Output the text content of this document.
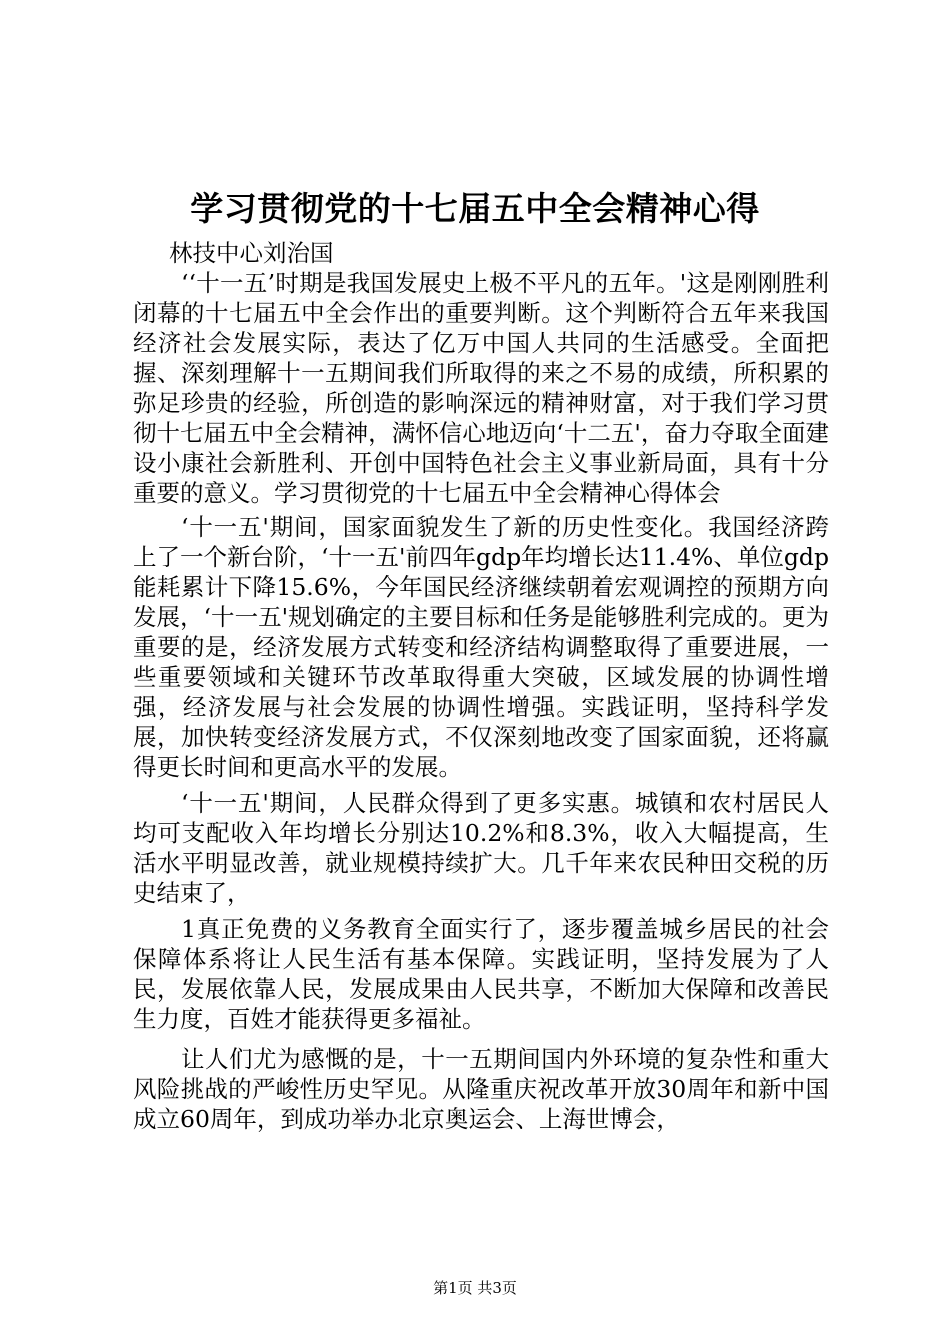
学习贯彻党的十七届五中全会精神心得

林技中心刘治国

‘‘十一五’时期是我国发展史上极不平凡的五年。'这是刚刚胜利闭幕的十七届五中全会作出的重要判断。这个判断符合五年来我国经济社会发展实际，表达了亿万中国人共同的生活感受。全面把握、深刻理解十一五期间我们所取得的来之不易的成绩，所积累的弥足珍贵的经验，所创造的影响深远的精神财富，对于我们学习贯彻十七届五中全会精神，满怀信心地迈向‘十二五'，奋力夺取全面建设小康社会新胜利、开创中国特色社会主义事业新局面，具有十分重要的意义。学习贯彻党的十七届五中全会精神心得体会

‘十一五'期间，国家面貌发生了新的历史性变化。我国经济跨上了一个新台阶，‘十一五'前四年gdp年均增长达11.4%、单位gdp能耗累计下降15.6%，今年国民经济继续朝着宏观调控的预期方向发展，‘十一五'规划确定的主要目标和任务是能够胜利完成的。更为重要的是，经济发展方式转变和经济结构调整取得了重要进展，一些重要领域和关键环节改革取得重大突破，区域发展的协调性增强，经济发展与社会发展的协调性增强。实践证明，坚持科学发展，加快转变经济发展方式，不仅深刻地改变了国家面貌，还将赢得更长时间和更高水平的发展。

‘十一五'期间，人民群众得到了更多实惠。城镇和农村居民人均可支配收入年均增长分别达10.2%和8.3%，收入大幅提高，生活水平明显改善，就业规模持续扩大。几千年来农民种田交税的历史结束了，

1真正免费的义务教育全面实行了，逐步覆盖城乡居民的社会保障体系将让人民生活有基本保障。实践证明，坚持发展为了人民，发展依靠人民，发展成果由人民共享，不断加大保障和改善民生力度，百姓才能获得更多福祉。

让人们尤为感慨的是，十一五期间国内外环境的复杂性和重大风险挑战的严峻性历史罕见。从隆重庆祝改革开放30周年和新中国成立60周年，到成功举办北京奥运会、上海世博会，

第1页 共3页
